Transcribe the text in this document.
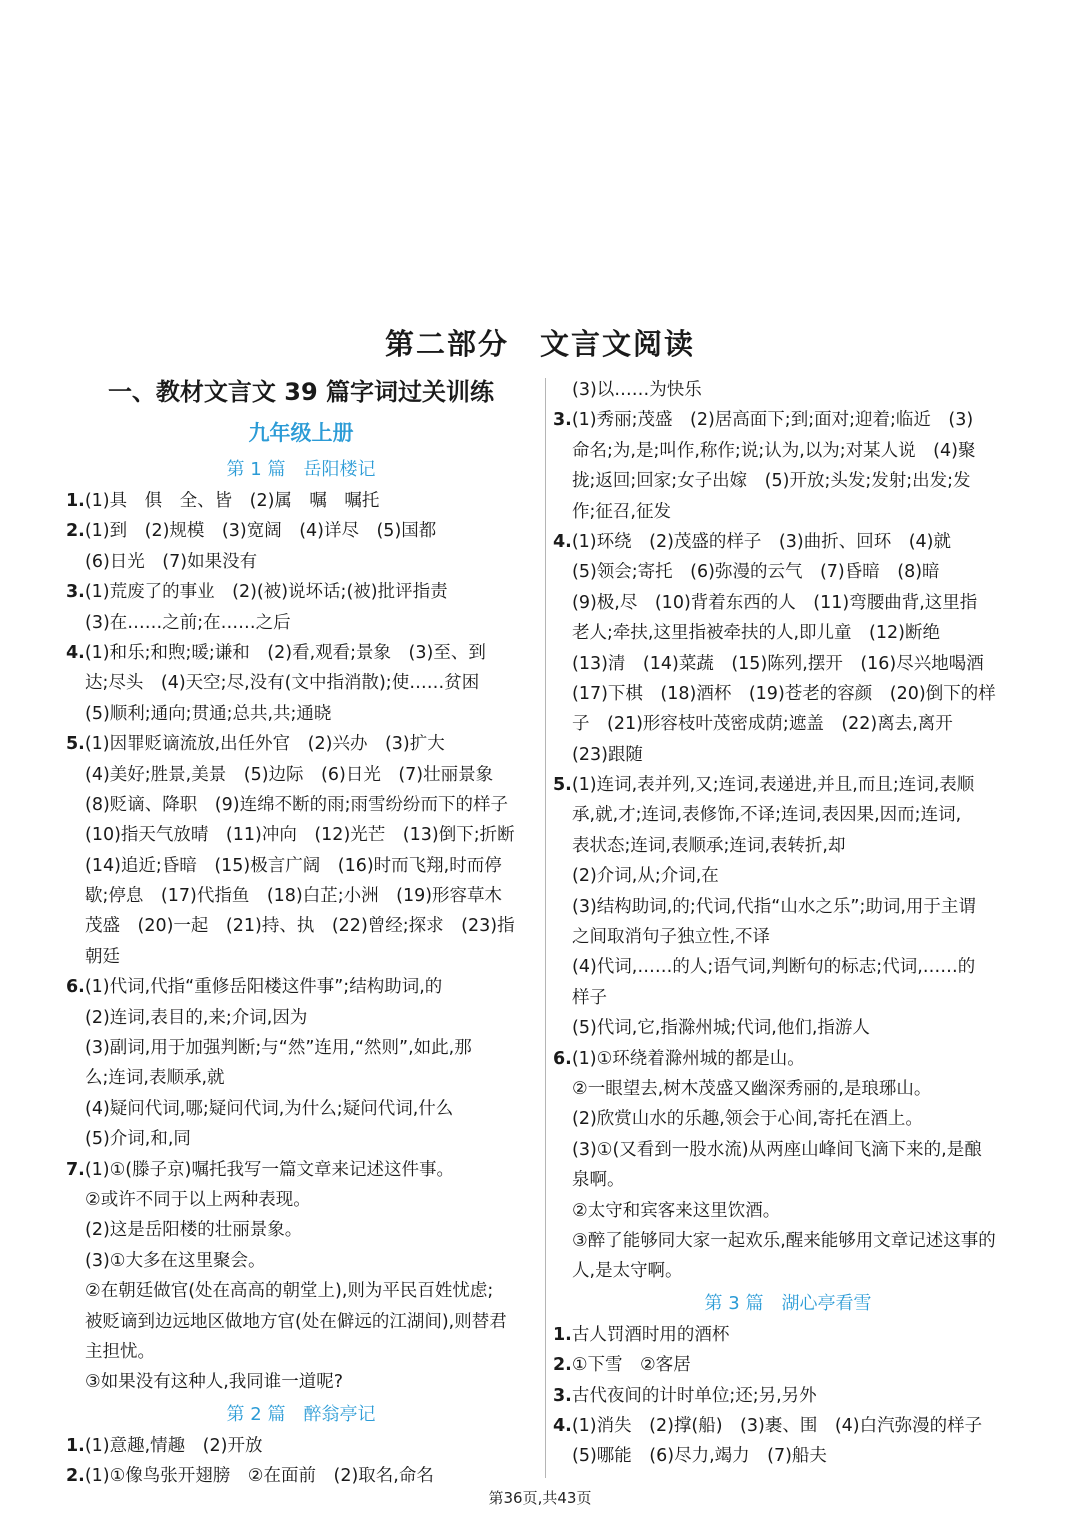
第二部分　文言文阅读
一、教材文言文 39 篇字词过关训练
九年级上册
第 1 篇　岳阳楼记
1.(1)具　俱　全、皆　(2)属　嘱　嘱托
2.(1)到　(2)规模　(3)宽阔　(4)详尽　(5)国都
(6)日光　(7)如果没有
3.(1)荒废了的事业　(2)(被)说坏话;(被)批评指责
(3)在……之前;在……之后
4.(1)和乐;和煦;暖;谦和　(2)看,观看;景象　(3)至、到
达;尽头　(4)天空;尽,没有(文中指消散);使……贫困
(5)顺利;通向;贯通;总共,共;通晓
5.(1)因罪贬谪流放,出任外官　(2)兴办　(3)扩大
(4)美好;胜景,美景　(5)边际　(6)日光　(7)壮丽景象
(8)贬谪、降职　(9)连绵不断的雨;雨雪纷纷而下的样子
(10)指天气放晴　(11)冲向　(12)光芒　(13)倒下;折断
(14)追近;昏暗　(15)极言广阔　(16)时而飞翔,时而停
歇;停息　(17)代指鱼　(18)白芷;小洲　(19)形容草木
茂盛　(20)一起　(21)持、执　(22)曾经;探求　(23)指
朝廷
6.(1)代词,代指“重修岳阳楼这件事”;结构助词,的
(2)连词,表目的,来;介词,因为
(3)副词,用于加强判断;与“然”连用,“然则”,如此,那
么;连词,表顺承,就
(4)疑问代词,哪;疑问代词,为什么;疑问代词,什么
(5)介词,和,同
7.(1)①(滕子京)嘱托我写一篇文章来记述这件事。
②或许不同于以上两种表现。
(2)这是岳阳楼的壮丽景象。
(3)①大多在这里聚会。
②在朝廷做官(处在高高的朝堂上),则为平民百姓忧虑;
被贬谪到边远地区做地方官(处在僻远的江湖间),则替君
主担忧。
③如果没有这种人,我同谁一道呢?
第 2 篇　醉翁亭记
1.(1)意趣,情趣　(2)开放
2.(1)①像鸟张开翅膀　②在面前　(2)取名,命名
(3)以……为快乐
3.(1)秀丽;茂盛　(2)居高面下;到;面对;迎着;临近　(3)
命名;为,是;叫作,称作;说;认为,以为;对某人说　(4)聚
拢;返回;回家;女子出嫁　(5)开放;头发;发射;出发;发
作;征召,征发
4.(1)环绕　(2)茂盛的样子　(3)曲折、回环　(4)就
(5)领会;寄托　(6)弥漫的云气　(7)昏暗　(8)暗
(9)极,尽　(10)背着东西的人　(11)弯腰曲背,这里指
老人;牵扶,这里指被牵扶的人,即儿童　(12)断绝
(13)清　(14)菜蔬　(15)陈列,摆开　(16)尽兴地喝酒
(17)下棋　(18)酒杯　(19)苍老的容颜　(20)倒下的样
子　(21)形容枝叶茂密成荫;遮盖　(22)离去,离开
(23)跟随
5.(1)连词,表并列,又;连词,表递进,并且,而且;连词,表顺
承,就,才;连词,表修饰,不译;连词,表因果,因而;连词,
表状态;连词,表顺承;连词,表转折,却
(2)介词,从;介词,在
(3)结构助词,的;代词,代指“山水之乐”;助词,用于主谓
之间取消句子独立性,不译
(4)代词,……的人;语气词,判断句的标志;代词,……的
样子
(5)代词,它,指滁州城;代词,他们,指游人
6.(1)①环绕着滁州城的都是山。
②一眼望去,树木茂盛又幽深秀丽的,是琅琊山。
(2)欣赏山水的乐趣,领会于心间,寄托在酒上。
(3)①(又看到一股水流)从两座山峰间飞滴下来的,是酿
泉啊。
②太守和宾客来这里饮酒。
③醉了能够同大家一起欢乐,醒来能够用文章记述这事的
人,是太守啊。
第 3 篇　湖心亭看雪
1.古人罚酒时用的酒杯
2.①下雪　②客居
3.古代夜间的计时单位;还;另,另外
4.(1)消失　(2)撑(船)　(3)裹、围　(4)白汽弥漫的样子
(5)哪能　(6)尽力,竭力　(7)船夫
第36页,共43页
